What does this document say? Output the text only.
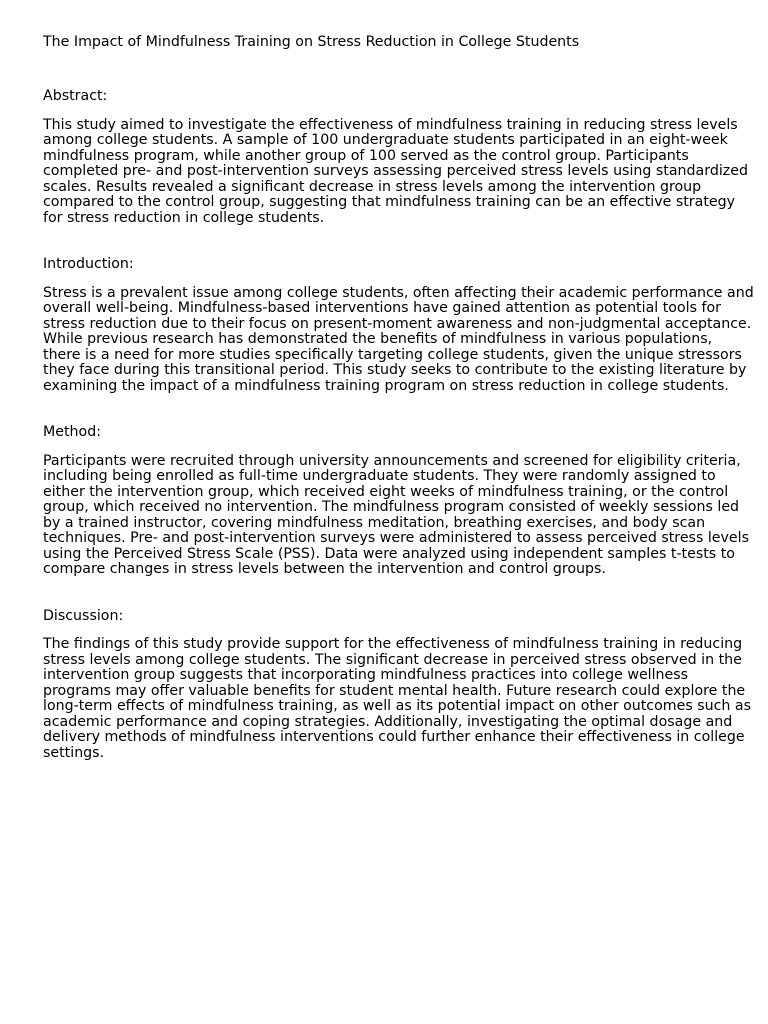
The Impact of Mindfulness Training on Stress Reduction in College Students
Abstract:
This study aimed to investigate the effectiveness of mindfulness training in reducing stress levels
among college students. A sample of 100 undergraduate students participated in an eight-week
mindfulness program, while another group of 100 served as the control group. Participants
completed pre- and post-intervention surveys assessing perceived stress levels using standardized
scales. Results revealed a significant decrease in stress levels among the intervention group
compared to the control group, suggesting that mindfulness training can be an effective strategy
for stress reduction in college students.
Introduction:
Stress is a prevalent issue among college students, often affecting their academic performance and
overall well-being. Mindfulness-based interventions have gained attention as potential tools for
stress reduction due to their focus on present-moment awareness and non-judgmental acceptance.
While previous research has demonstrated the benefits of mindfulness in various populations,
there is a need for more studies specifically targeting college students, given the unique stressors
they face during this transitional period. This study seeks to contribute to the existing literature by
examining the impact of a mindfulness training program on stress reduction in college students.
Method:
Participants were recruited through university announcements and screened for eligibility criteria,
including being enrolled as full-time undergraduate students. They were randomly assigned to
either the intervention group, which received eight weeks of mindfulness training, or the control
group, which received no intervention. The mindfulness program consisted of weekly sessions led
by a trained instructor, covering mindfulness meditation, breathing exercises, and body scan
techniques. Pre- and post-intervention surveys were administered to assess perceived stress levels
using the Perceived Stress Scale (PSS). Data were analyzed using independent samples t-tests to
compare changes in stress levels between the intervention and control groups.
Discussion:
The findings of this study provide support for the effectiveness of mindfulness training in reducing
stress levels among college students. The significant decrease in perceived stress observed in the
intervention group suggests that incorporating mindfulness practices into college wellness
programs may offer valuable benefits for student mental health. Future research could explore the
long-term effects of mindfulness training, as well as its potential impact on other outcomes such as
academic performance and coping strategies. Additionally, investigating the optimal dosage and
delivery methods of mindfulness interventions could further enhance their effectiveness in college
settings.
